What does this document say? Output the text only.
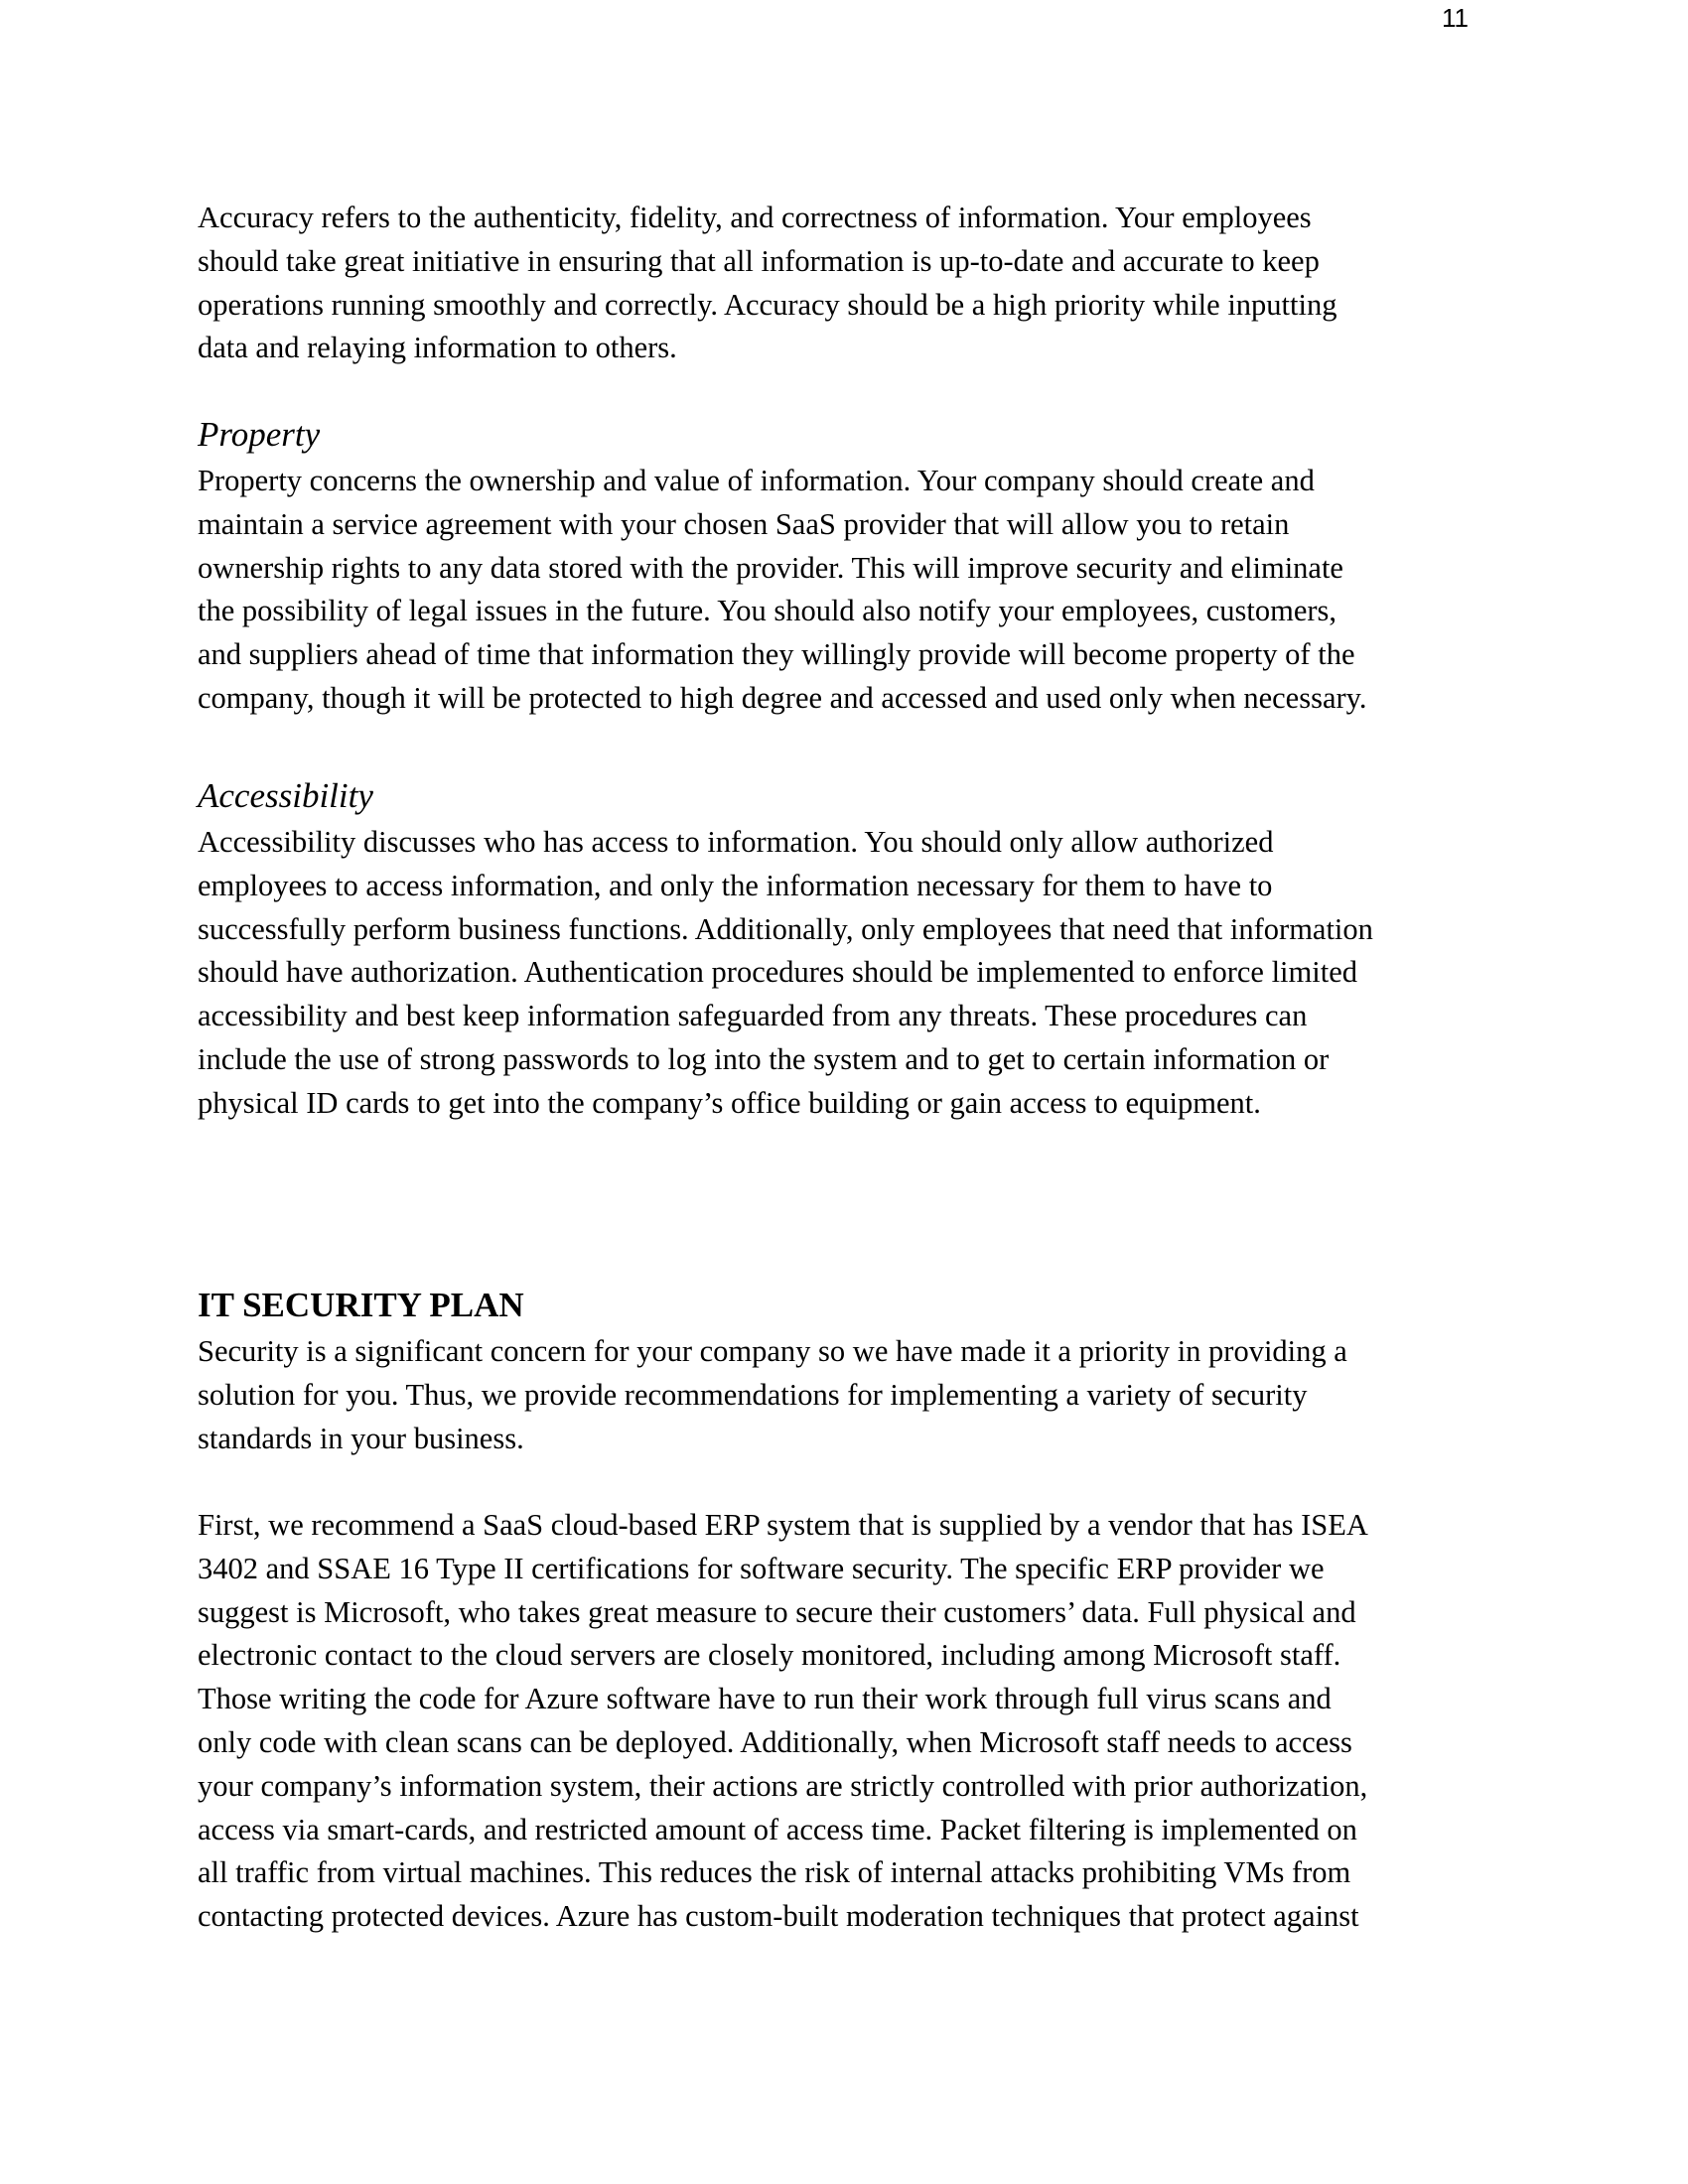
11

Accuracy refers to the authenticity, fidelity, and correctness of information. Your employees
should take great initiative in ensuring that all information is up-to-date and accurate to keep
operations running smoothly and correctly. Accuracy should be a high priority while inputting
data and relaying information to others.

Property

Property concerns the ownership and value of information. Your company should create and
maintain a service agreement with your chosen SaaS provider that will allow you to retain
ownership rights to any data stored with the provider. This will improve security and eliminate
the possibility of legal issues in the future. You should also notify your employees, customers,
and suppliers ahead of time that information they willingly provide will become property of the
company, though it will be protected to high degree and accessed and used only when necessary.

Accessibility

Accessibility discusses who has access to information. You should only allow authorized
employees to access information, and only the information necessary for them to have to
successfully perform business functions. Additionally, only employees that need that information
should have authorization. Authentication procedures should be implemented to enforce limited
accessibility and best keep information safeguarded from any threats. These procedures can
include the use of strong passwords to log into the system and to get to certain information or
physical ID cards to get into the company’s office building or gain access to equipment.

IT SECURITY PLAN

Security is a significant concern for your company so we have made it a priority in providing a
solution for you. Thus, we provide recommendations for implementing a variety of security
standards in your business.

First, we recommend a SaaS cloud-based ERP system that is supplied by a vendor that has ISEA
3402 and SSAE 16 Type II certifications for software security. The specific ERP provider we
suggest is Microsoft, who takes great measure to secure their customers’ data. Full physical and
electronic contact to the cloud servers are closely monitored, including among Microsoft staff.
Those writing the code for Azure software have to run their work through full virus scans and
only code with clean scans can be deployed. Additionally, when Microsoft staff needs to access
your company’s information system, their actions are strictly controlled with prior authorization,
access via smart-cards, and restricted amount of access time. Packet filtering is implemented on
all traffic from virtual machines. This reduces the risk of internal attacks prohibiting VMs from
contacting protected devices. Azure has custom-built moderation techniques that protect against
